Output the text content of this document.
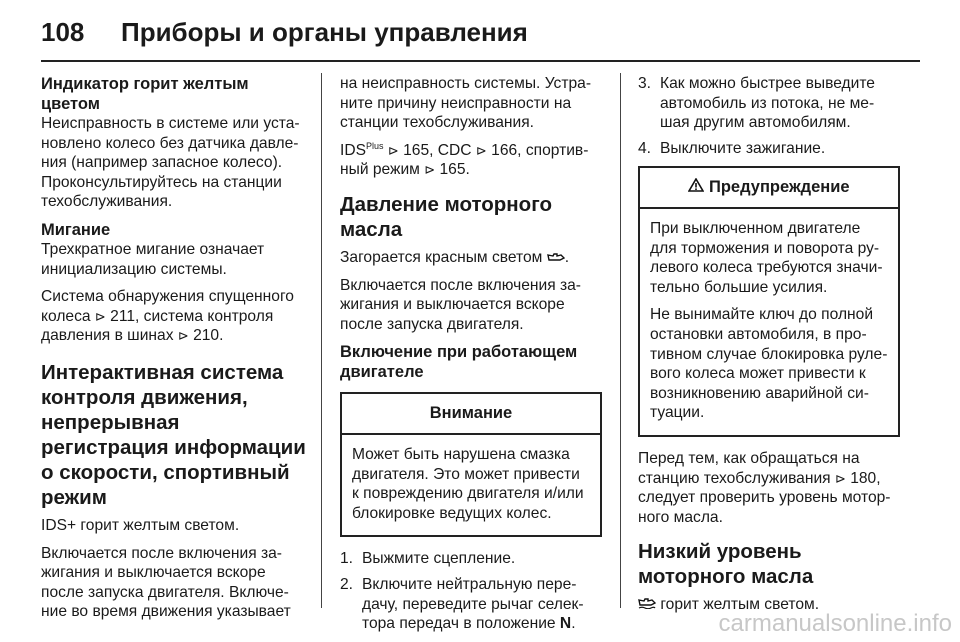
108	Приборы и органы управления
Индикатор горит желтым цветом

Неисправность в системе или уста-новлено колесо без датчика давле-ния (например запасное колесо). Проконсультируйтесь на станции техобслуживания.

Мигание

Трехкратное мигание означает инициализацию системы.

Система обнаружения спущенного колеса ⊳ 211, система контроля давления в шинах ⊳ 210.

Интерактивная система контроля движения, непрерывная регистрация информации о скорости, спортивный режим

IDS+ горит желтым светом.

Включается после включения за-жигания и выключается вскоре после запуска двигателя. Включе-ние во время движения указывает

на неисправность системы. Устра-ните причину неисправности на станции техобслуживания.

$IDS^{Plus}$ ⊳ 165, CDC ⊳ 166, спортив-ный режим ⊳ 165.

Давление моторного масла

Загорается красным светом .

Включается после включения за-жигания и выключается вскоре после запуска двигателя.

Включение при работающем двигателе
Внимание

Может быть нарушена смазка двигателя. Это может привести к повреждению двигателя и/или блокировке ведущих колес.

1. Выжмите сцепление.
2. Включите нейтральную пере-дачу, переведите рычаг селек-тора передач в положение N.
3. Как можно быстрее выведите автомобиль из потока, не ме-шая другим автомобилям.
4. Выключите зажигание.
Предупреждение

При выключенном двигателе для торможения и поворота ру-левого колеса требуются значи-тельно большие усилия.

Не вынимайте ключ до полной остановки автомобиля, в про-тивном случае блокировка руле-вого колеса может привести к возникновению аварийной си-туации.

Перед тем, как обращаться на станцию техобслуживания ⊳ 180, следует проверить уровень мотор-ного масла.

Низкий уровень моторного масла

горит желтым светом.

carmanualsonline.info
